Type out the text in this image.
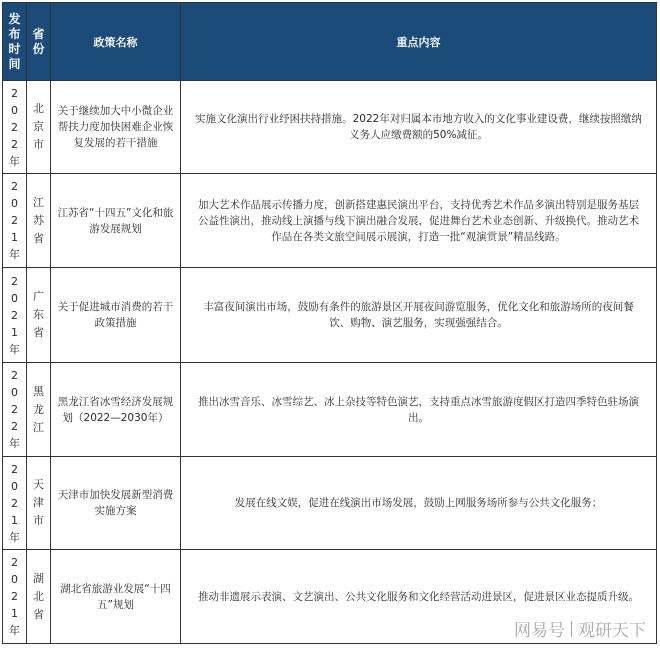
发布时间	省份	政策名称	重点内容

2022年	北京市	关于继续加大中小微企业帮扶力度加快困难企业恢复发展的若干措施	实施文化演出行业纾困扶持措施。2022年对归属本市地方收入的文化事业建设费，继续按照缴纳义务人应缴费额的50%减征。

2021年	江苏省	江苏省“十四五”文化和旅游发展规划	加大艺术作品展示传播力度，创新搭建惠民演出平台，支持优秀艺术作品多演出特别是服务基层公益性演出，推动线上演播与线下演出融合发展，促进舞台艺术业态创新、升级换代。推动艺术作品在各类文旅空间展示展演，打造一批“观演赏景”精品线路。

2021年	广东省	关于促进城市消费的若干政策措施	丰富夜间演出市场，鼓励有条件的旅游景区开展夜间游览服务，优化文化和旅游场所的夜间餐饮、购物、演艺服务，实现强强结合。

2022年	黑龙江	黑龙江省冰雪经济发展规划（2022—2030年）	推出冰雪音乐、冰雪综艺、冰上杂技等特色演艺，支持重点冰雪旅游度假区打造四季特色驻场演出。

2021年	天津市	天津市加快发展新型消费实施方案	发展在线文娱，促进在线演出市场发展，鼓励上网服务场所参与公共文化服务；

2021年	湖北省	湖北省旅游业发展“十四五”规划	推动非遗展示表演、文艺演出、公共文化服务和文化经营活动进景区，促进景区业态提质升级。
网易号 观研天下
